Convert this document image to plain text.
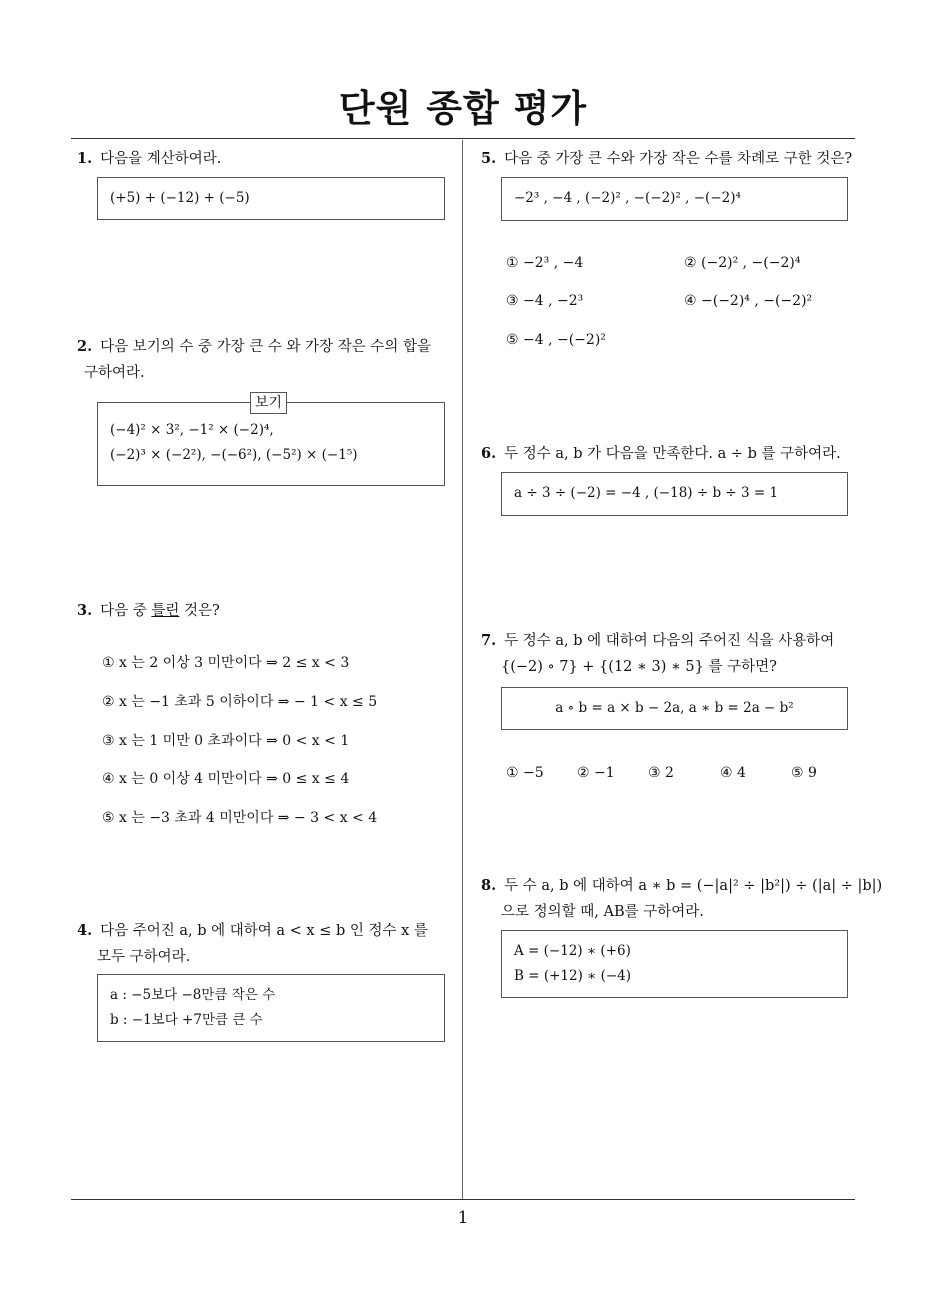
단원 종합 평가
1. 다음을 계산하여라.
(+5) + (−12) + (−5)
2. 다음 보기의 수 중 가장 큰 수 와 가장 작은 수의 합을
구하여라.
(−4)² × 3², −1² × (−2)⁴,
(−2)³ × (−2²), −(−6²), (−5²) × (−1⁵)
보기
3. 다음 중 틀린 것은?
① x 는 2 이상 3 미만이다 ⇒ 2 ≤ x < 3
② x 는 −1 초과 5 이하이다 ⇒ − 1 < x ≤ 5
③ x 는 1 미만 0 초과이다 ⇒ 0 < x < 1
④ x 는 0 이상 4 미만이다 ⇒ 0 ≤ x ≤ 4
⑤ x 는 −3 초과 4 미만이다 ⇒ − 3 < x < 4
4. 다음 주어진 a, b 에 대하여 a < x ≤ b 인 정수 x 를
모두 구하여라.
a : −5보다 −8만큼 작은 수
b : −1보다 +7만큼 큰 수
5. 다음 중 가장 큰 수와 가장 작은 수를 차례로 구한 것은?
−2³ , −4 , (−2)² , −(−2)² , −(−2)⁴
① −2³ , −4	② (−2)² , −(−2)⁴
③ −4 , −2³	④ −(−2)⁴ , −(−2)²
⑤ −4 , −(−2)²
6. 두 정수 a, b 가 다음을 만족한다. a ÷ b 를 구하여라.
a ÷ 3 ÷ (−2) = −4 , (−18) ÷ b ÷ 3 = 1
7. 두 정수 a, b 에 대하여 다음의 주어진 식을 사용하여
{(−2) ∘ 7} + {(12 ∗ 3) ∗ 5} 를 구하면?
a ∘ b = a × b − 2a, a ∗ b = 2a − b²
① −5 ② −1 ③ 2	④ 4	⑤ 9
8. 두 수 a, b 에 대하여 a ∗ b = (−|a|² ÷ |b²|) ÷ (|a| ÷ |b|)
으로 정의할 때, AB를 구하여라.
A = (−12) ∗ (+6)
B = (+12) ∗ (−4)
1
